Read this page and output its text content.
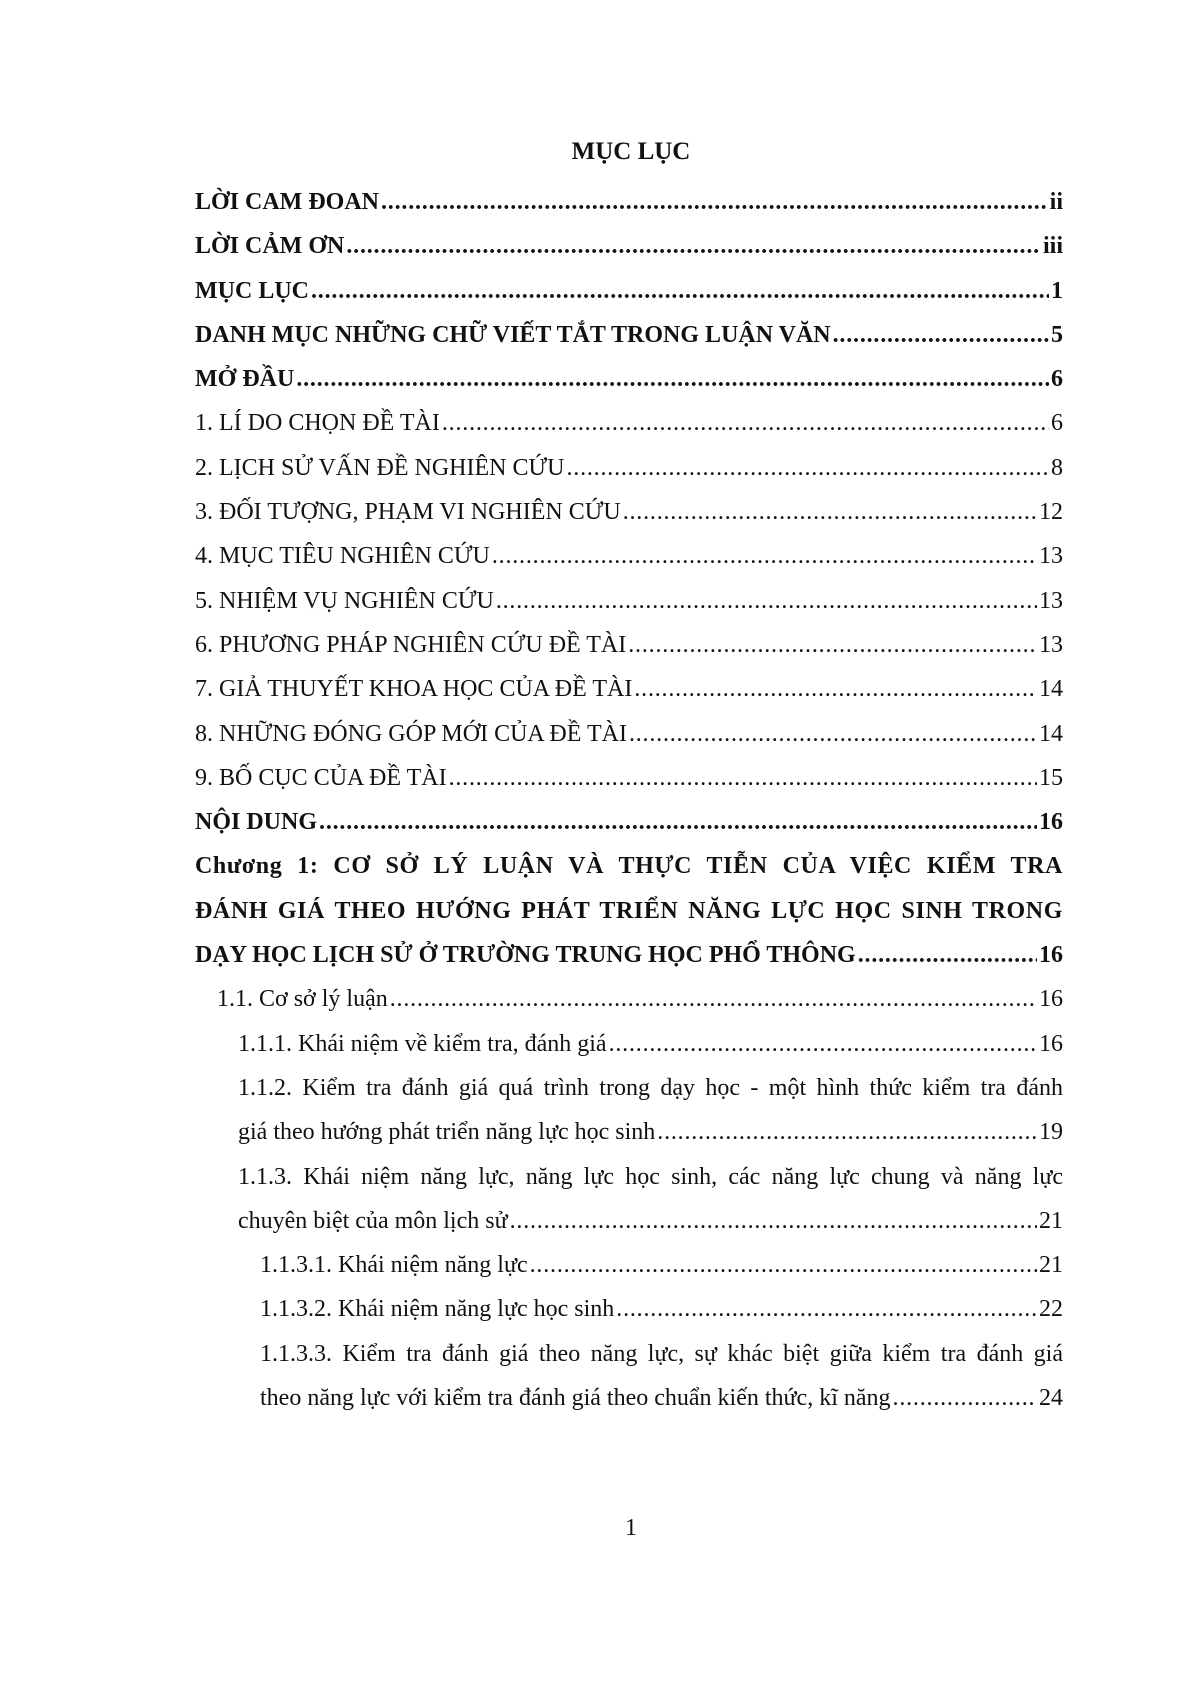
MỤC LỤC
LỜI CAM ĐOAN . . .	ii
LỜI CẢM ƠN . . .	iii
MỤC LỤC . . .	1
DANH MỤC NHỮNG CHỮ VIẾT TẮT TRONG LUẬN VĂN . . .	5
MỞ ĐẦU . . .	6
1. LÍ DO CHỌN ĐỀ TÀI . . .	6
2. LỊCH SỬ VẤN ĐỀ NGHIÊN CỨU . . .	8
3. ĐỐI TƯỢNG, PHẠM VI NGHIÊN CỨU . . .	12
4. MỤC TIÊU NGHIÊN CỨU . . .	13
5. NHIỆM VỤ NGHIÊN CỨU . . .	13
6. PHƯƠNG PHÁP NGHIÊN CỨU ĐỀ TÀI . . .	13
7. GIẢ THUYẾT KHOA HỌC CỦA ĐỀ TÀI . . .	14
8. NHỮNG ĐÓNG GÓP MỚI CỦA ĐỀ TÀI . . .	14
9. BỐ CỤC CỦA ĐỀ TÀI . . .	15
NỘI DUNG . . .	16
Chương 1: CƠ SỞ LÝ LUẬN VÀ THỰC TIỄN CỦA VIỆC KIỂM TRA
ĐÁNH GIÁ THEO HƯỚNG PHÁT TRIỂN NĂNG LỰC HỌC SINH TRONG
DẠY HỌC LỊCH SỬ Ở TRƯỜNG TRUNG HỌC PHỔ THÔNG . . .	16
1.1. Cơ sở lý luận . . .	16
1.1.1. Khái niệm về kiểm tra, đánh giá . . .	16
1.1.2. Kiểm tra đánh giá quá trình trong dạy học - một hình thức kiểm tra đánh
giá theo hướng phát triển năng lực học sinh . . .	19
1.1.3. Khái niệm năng lực, năng lực học sinh, các năng lực chung và năng lực
chuyên biệt của môn lịch sử . . .	21
1.1.3.1. Khái niệm năng lực . . .	21
1.1.3.2. Khái niệm năng lực học sinh . . .	22
1.1.3.3. Kiểm tra đánh giá theo năng lực, sự khác biệt giữa kiểm tra đánh giá
theo năng lực với kiểm tra đánh giá theo chuẩn kiến thức, kĩ năng . . .	24
1
